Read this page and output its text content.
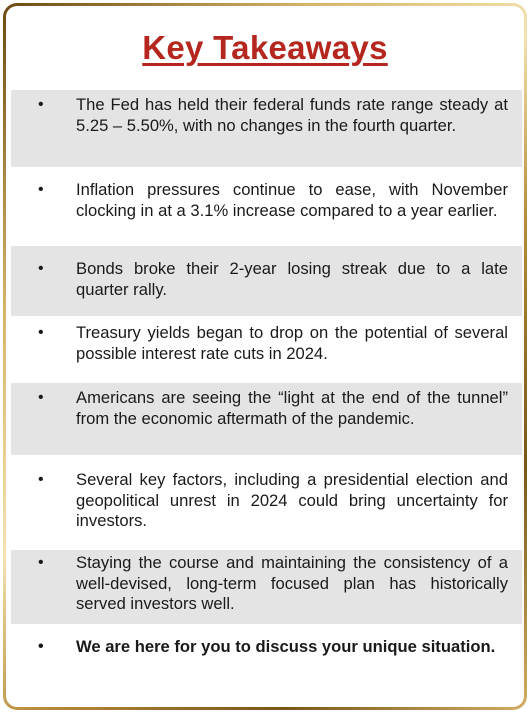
Key Takeaways
• The Fed has held their federal funds rate range steady at 5.25 – 5.50%, with no changes in the fourth quarter.
• Inflation pressures continue to ease, with November clocking in at a 3.1% increase compared to a year earlier.
• Bonds broke their 2-year losing streak due to a late quarter rally.
• Treasury yields began to drop on the potential of several possible interest rate cuts in 2024.
• Americans are seeing the “light at the end of the tunnel” from the economic aftermath of the pandemic.
• Several key factors, including a presidential election and geopolitical unrest in 2024 could bring uncertainty for investors.
• Staying the course and maintaining the consistency of a well-devised, long-term focused plan has historically served investors well.
• We are here for you to discuss your unique situation.
